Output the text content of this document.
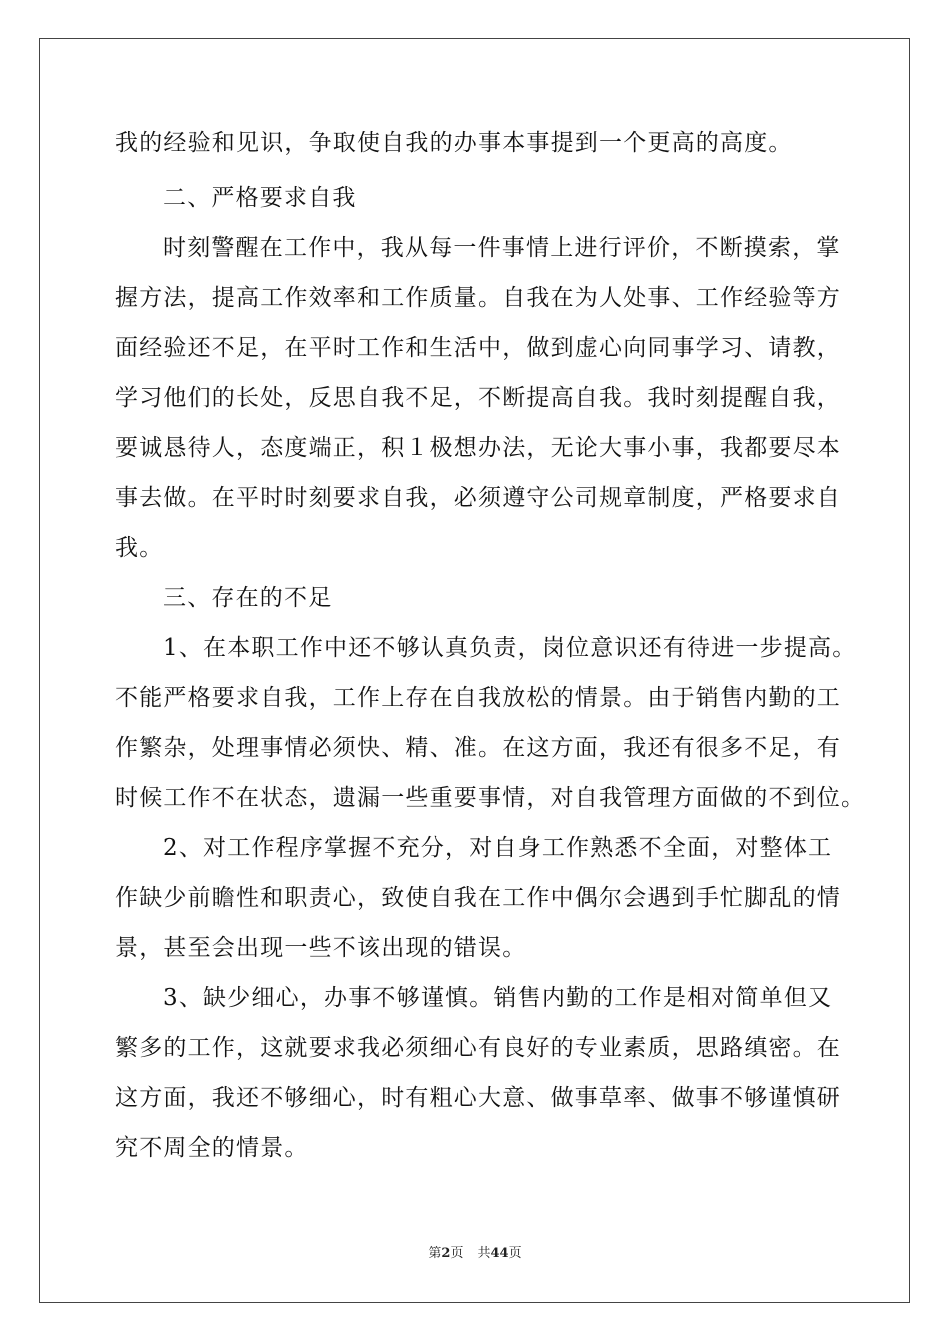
我的经验和见识，争取使自我的办事本事提到一个更高的高度。
二、严格要求自我
时刻警醒在工作中，我从每一件事情上进行评价，不断摸索，掌
握方法，提高工作效率和工作质量。自我在为人处事、工作经验等方
面经验还不足，在平时工作和生活中，做到虚心向同事学习、请教，
学习他们的长处，反思自我不足，不断提高自我。我时刻提醒自我，
要诚恳待人，态度端正，积１极想办法，无论大事小事，我都要尽本
事去做。在平时时刻要求自我，必须遵守公司规章制度，严格要求自
我。
三、存在的不足
1、在本职工作中还不够认真负责，岗位意识还有待进一步提高。
不能严格要求自我，工作上存在自我放松的情景。由于销售内勤的工
作繁杂，处理事情必须快、精、准。在这方面，我还有很多不足，有
时候工作不在状态，遗漏一些重要事情，对自我管理方面做的不到位。
2、对工作程序掌握不充分，对自身工作熟悉不全面，对整体工
作缺少前瞻性和职责心，致使自我在工作中偶尔会遇到手忙脚乱的情
景，甚至会出现一些不该出现的错误。
3、缺少细心，办事不够谨慎。销售内勤的工作是相对简单但又
繁多的工作，这就要求我必须细心有良好的专业素质，思路缜密。在
这方面，我还不够细心，时有粗心大意、做事草率、做事不够谨慎研
究不周全的情景。
第2页 共44页
